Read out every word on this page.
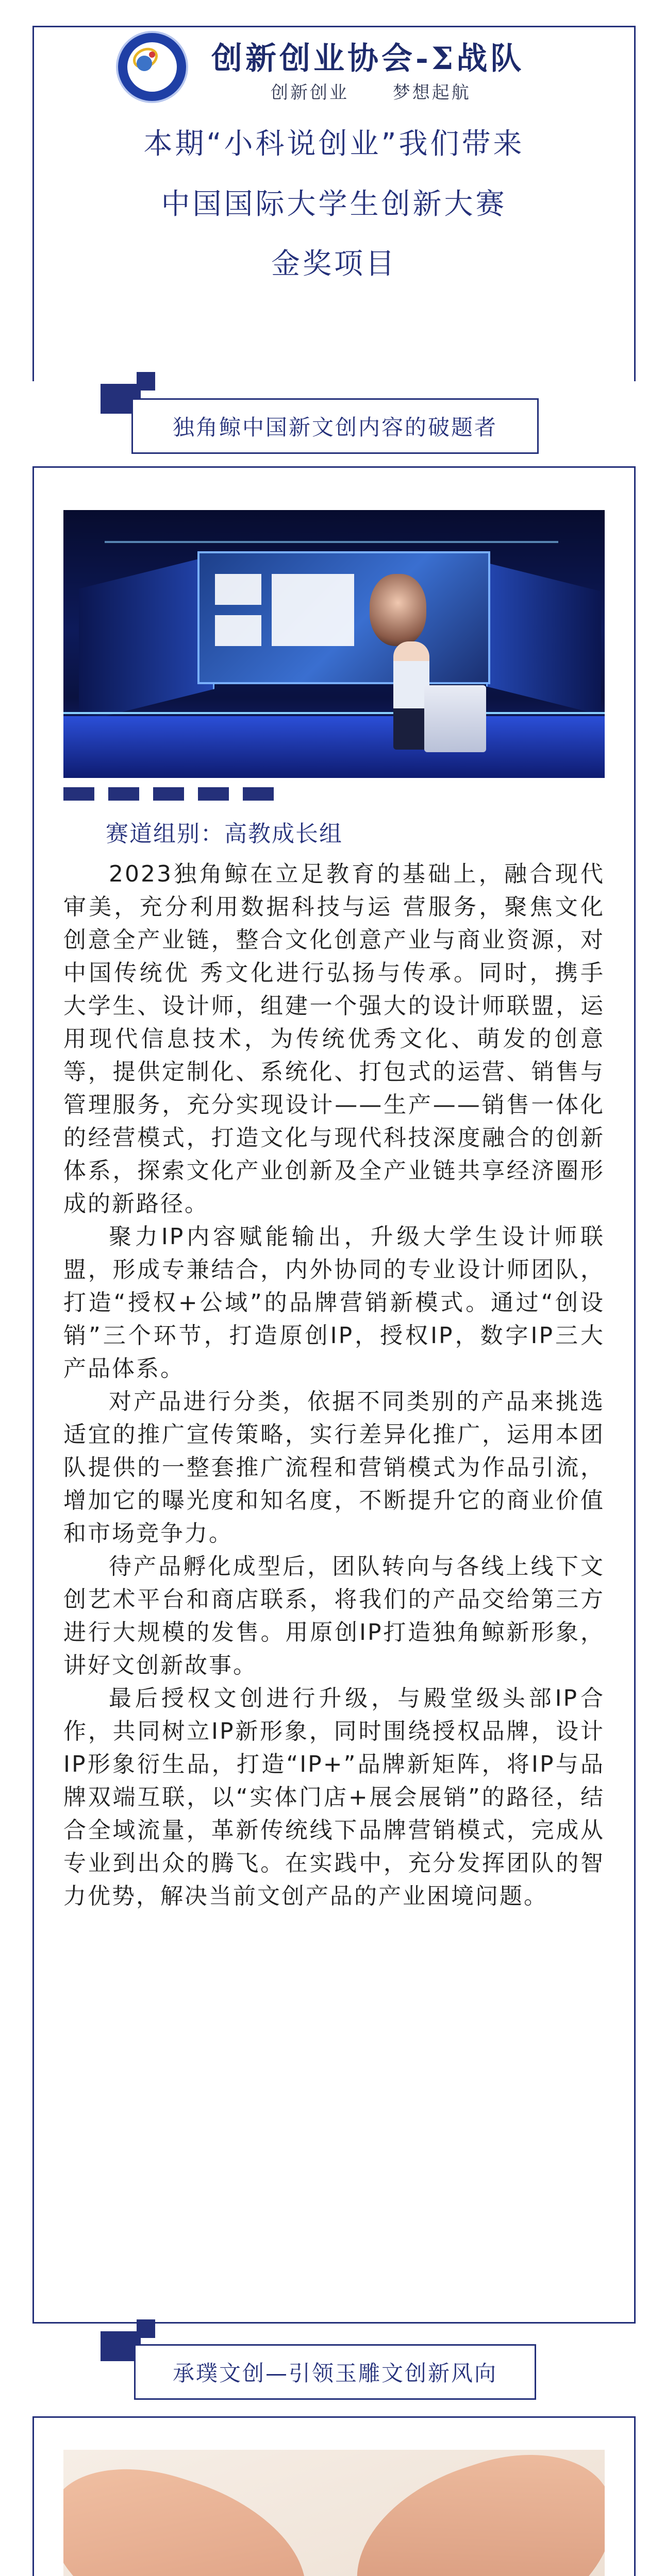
创新创业协会-Σ战队
创新创业 梦想起航
本期“小科说创业”我们带来
中国国际大学生创新大赛
金奖项目
独角鲸中国新文创内容的破题者
赛道组别：高教成长组

2023独角鲸在立足教育的基础上，融合现代审美，充分利用数据科技与运 营服务，聚焦文化创意全产业链，整合文化创意产业与商业资源，对中国传统优 秀文化进行弘扬与传承。同时，携手大学生、设计师，组建一个强大的设计师联盟，运用现代信息技术，为传统优秀文化、萌发的创意等，提供定制化、系统化、打包式的运营、销售与管理服务，充分实现设计——生产——销售一体化的经营模式，打造文化与现代科技深度融合的创新体系，探索文化产业创新及全产业链共享经济圈形成的新路径。

聚力IP内容赋能输出，升级大学生设计师联盟，形成专兼结合，内外协同的专业设计师团队，打造“授权+公域”的品牌营销新模式。通过“创设销”三个环节，打造原创IP，授权IP，数字IP三大产品体系。

对产品进行分类，依据不同类别的产品来挑选适宜的推广宣传策略，实行差异化推广，运用本团队提供的一整套推广流程和营销模式为作品引流，增加它的曝光度和知名度，不断提升它的商业价值和市场竞争力。

待产品孵化成型后，团队转向与各线上线下文创艺术平台和商店联系，将我们的产品交给第三方进行大规模的发售。用原创IP打造独角鲸新形象，讲好文创新故事。

最后授权文创进行升级，与殿堂级头部IP合作，共同树立IP新形象，同时围绕授权品牌，设计IP形象衍生品，打造“IP+”品牌新矩阵，将IP与品牌双端互联，以“实体门店+展会展销”的路径，结合全域流量，革新传统线下品牌营销模式，完成从专业到出众的腾飞。在实践中，充分发挥团队的智力优势，解决当前文创产品的产业困境问题。

承璞文创—引领玉雕文创新风向
